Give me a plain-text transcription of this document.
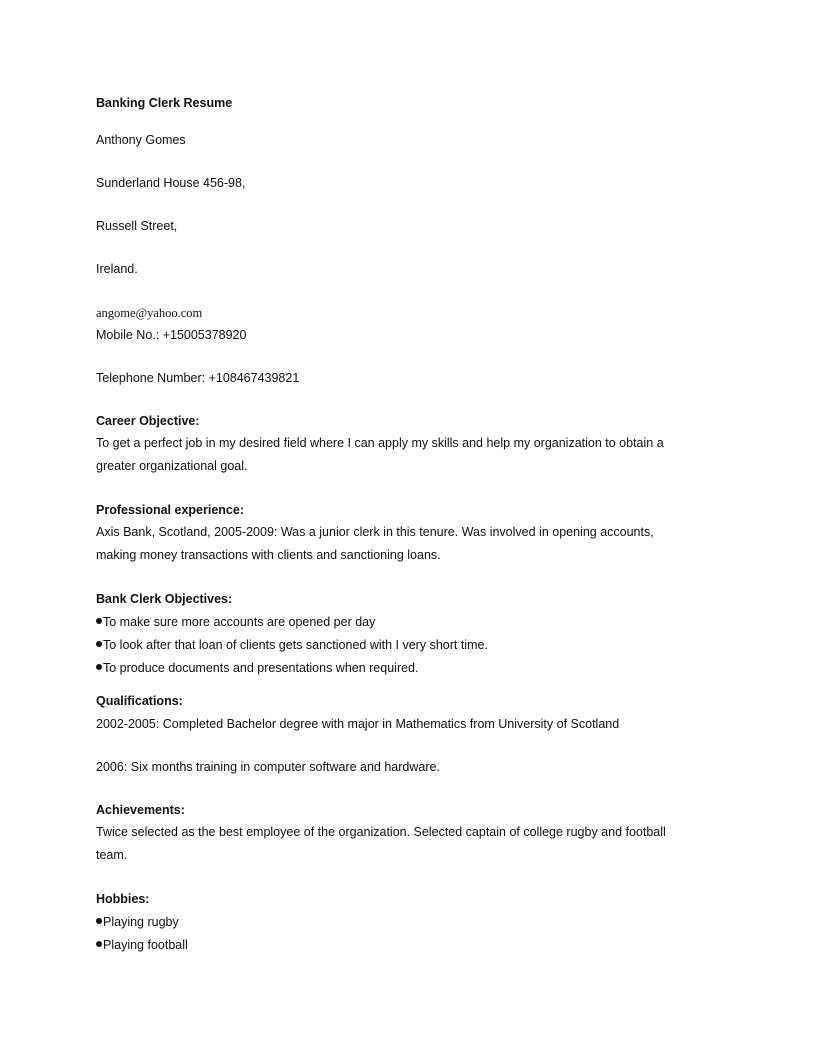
Banking Clerk Resume
Anthony Gomes
Sunderland House 456-98,
Russell Street,
Ireland.
angome@yahoo.com
Mobile No.: +15005378920
Telephone Number: +108467439821
Career Objective:
To get a perfect job in my desired field where I can apply my skills and help my organization to obtain a greater organizational goal.
Professional experience:
Axis Bank, Scotland, 2005-2009: Was a junior clerk in this tenure. Was involved in opening accounts, making money transactions with clients and sanctioning loans.
Bank Clerk Objectives:
To make sure more accounts are opened per day
To look after that loan of clients gets sanctioned with I very short time.
To produce documents and presentations when required.
Qualifications:
2002-2005: Completed Bachelor degree with major in Mathematics from University of Scotland
2006: Six months training in computer software and hardware.
Achievements:
Twice selected as the best employee of the organization. Selected captain of college rugby and football team.
Hobbies:
Playing rugby
Playing football
